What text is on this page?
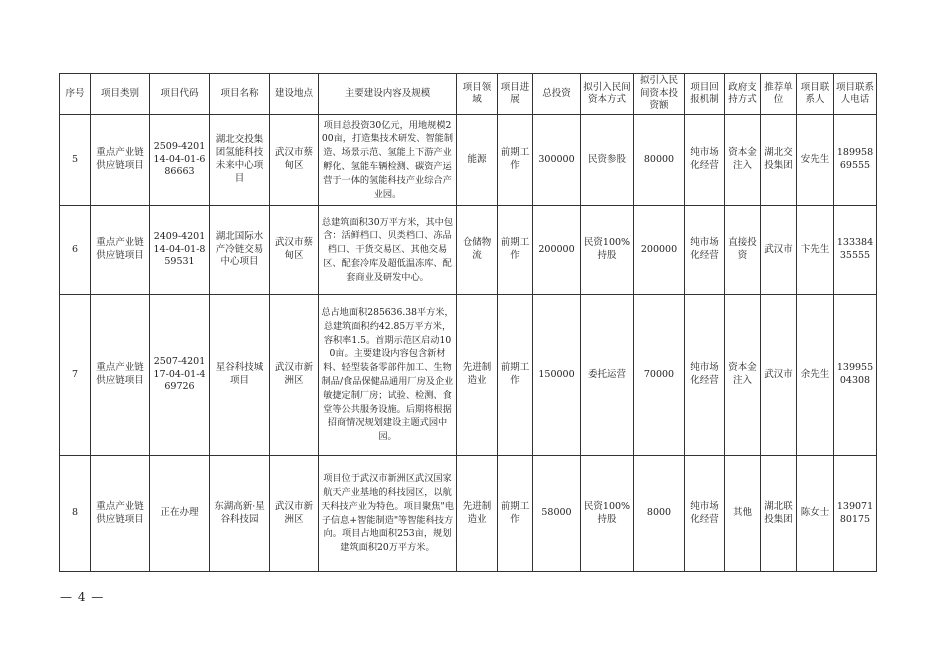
序号	项目类别	项目代码	项目名称	建设地点	主要建设内容及规模	项目领域	项目进展	总投资	拟引入民间资本方式	拟引入民间资本投资额	项目回报机制	政府支持方式	推荐单位	项目联系人	项目联系人电话
5	重点产业链供应链项目	2509-420114-04-01-686663	湖北交投集团氢能科技未来中心项目	武汉市蔡甸区	项目总投资30亿元，用地规模200亩，打造集技术研发、智能制造、场景示范、氢能上下游产业孵化、氢能车辆检测、碳资产运营于一体的氢能科技产业综合产业园。	能源	前期工作	300000	民资参股	80000	纯市场化经营	资本金注入	湖北交投集团	安先生	18995869555
6	重点产业链供应链项目	2409-420114-04-01-859531	湖北国际水产冷链交易中心项目	武汉市蔡甸区	总建筑面积30万平方米，其中包含：活鲜档口、贝类档口、冻品档口、干货交易区、其他交易区、配套冷库及超低温冻库、配套商业及研发中心。	仓储物流	前期工作	200000	民资100%持股	200000	纯市场化经营	直接投资	武汉市	卞先生	13338435555
7	重点产业链供应链项目	2507-420117-04-01-469726	星谷科技城项目	武汉市新洲区	总占地面积285636.38平方米，总建筑面积约42.85万平方米，容积率1.5。首期示范区启动100亩。主要建设内容包含新材料、轻型装备零部件加工、生物制品/食品保健品通用厂房及企业敏捷定制厂房；试验、检测、食堂等公共服务设施。后期将根据招商情况规划建设主题式园中园。	先进制造业	前期工作	150000	委托运营	70000	纯市场化经营	资本金注入	武汉市	余先生	13995504308
8	重点产业链供应链项目	正在办理	东湖高新·星谷科技园	武汉市新洲区	项目位于武汉市新洲区武汉国家航天产业基地的科技园区，以航天科技产业为特色。项目聚焦"电子信息+智能制造"等智能科技方向。项目占地面积253亩，规划建筑面积20万平方米。	先进制造业	前期工作	58000	民资100%持股	8000	纯市场化经营	其他	湖北联投集团	陈女士	13907180175
— 4 —
